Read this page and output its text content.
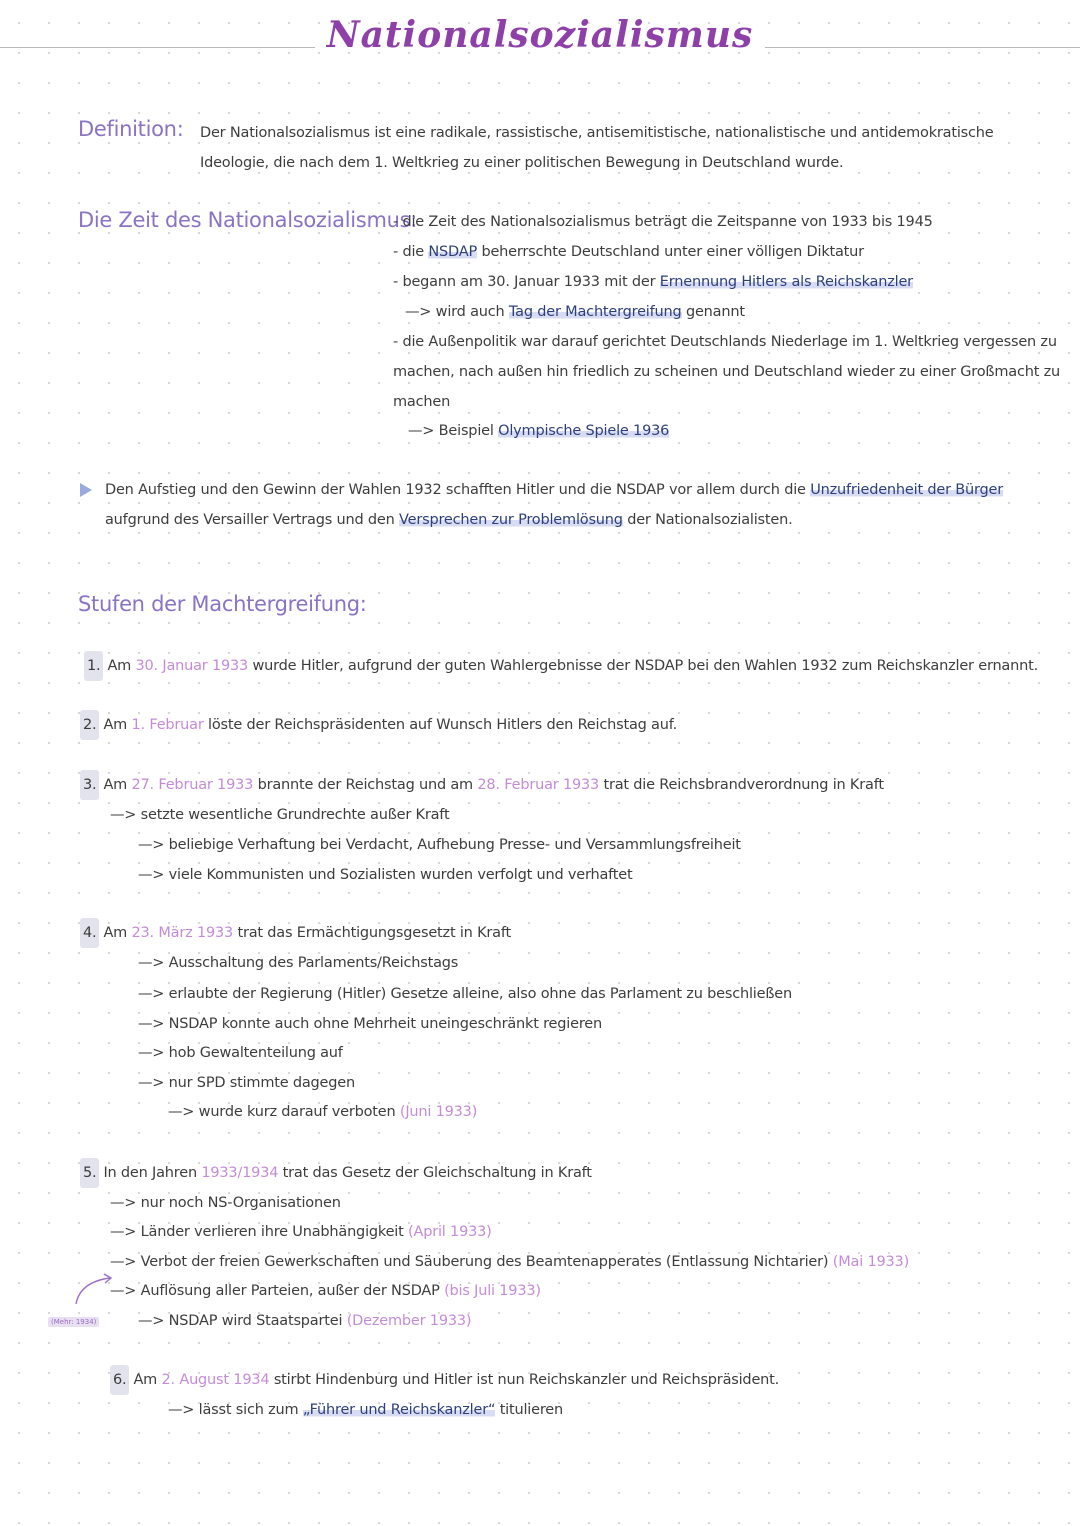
Nationalsozialismus
Definition: Der Nationalsozialismus ist eine radikale, rassistische, antisemitistische, nationalistische und antidemokratische
Ideologie, die nach dem 1. Weltkrieg zu einer politischen Bewegung in Deutschland wurde.
Die Zeit des Nationalsozialismus:
- die Zeit des Nationalsozialismus beträgt die Zeitspanne von 1933 bis 1945
- die NSDAP beherrschte Deutschland unter einer völligen Diktatur
- begann am 30. Januar 1933 mit der Ernennung Hitlers als Reichskanzler
—> wird auch Tag der Machtergreifung genannt
- die Außenpolitik war darauf gerichtet Deutschlands Niederlage im 1. Weltkrieg vergessen zu
machen, nach außen hin friedlich zu scheinen und Deutschland wieder zu einer Großmacht zu
machen
—> Beispiel Olympische Spiele 1936
Den Aufstieg und den Gewinn der Wahlen 1932 schafften Hitler und die NSDAP vor allem durch die Unzufriedenheit der Bürger
aufgrund des Versailler Vertrags und den Versprechen zur Problemlösung der Nationalsozialisten.
Stufen der Machtergreifung:
1. Am 30. Januar 1933 wurde Hitler, aufgrund der guten Wahlergebnisse der NSDAP bei den Wahlen 1932 zum Reichskanzler ernannt.
2. Am 1. Februar löste der Reichspräsidenten auf Wunsch Hitlers den Reichstag auf.
3. Am 27. Februar 1933 brannte der Reichstag und am 28. Februar 1933 trat die Reichsbrandverordnung in Kraft
—> setzte wesentliche Grundrechte außer Kraft
—> beliebige Verhaftung bei Verdacht, Aufhebung Presse- und Versammlungsfreiheit
—> viele Kommunisten und Sozialisten wurden verfolgt und verhaftet
4. Am 23. März 1933 trat das Ermächtigungsgesetzt in Kraft
—> Ausschaltung des Parlaments/Reichstags
—> erlaubte der Regierung (Hitler) Gesetze alleine, also ohne das Parlament zu beschließen
—> NSDAP konnte auch ohne Mehrheit uneingeschränkt regieren
—> hob Gewaltenteilung auf
—> nur SPD stimmte dagegen
—> wurde kurz darauf verboten (Juni 1933)
5. In den Jahren 1933/1934 trat das Gesetz der Gleichschaltung in Kraft
—> nur noch NS-Organisationen
—> Länder verlieren ihre Unabhängigkeit (April 1933)
—> Verbot der freien Gewerkschaften und Säuberung des Beamtenapperates (Entlassung Nichtarier) (Mai 1933)
—> Auflösung aller Parteien, außer der NSDAP (bis Juli 1933)
—> NSDAP wird Staatspartei (Dezember 1933)
(Mehr: 1934)
6. Am 2. August 1934 stirbt Hindenburg und Hitler ist nun Reichskanzler und Reichspräsident.
—> lässt sich zum „Führer und Reichskanzler“ titulieren
